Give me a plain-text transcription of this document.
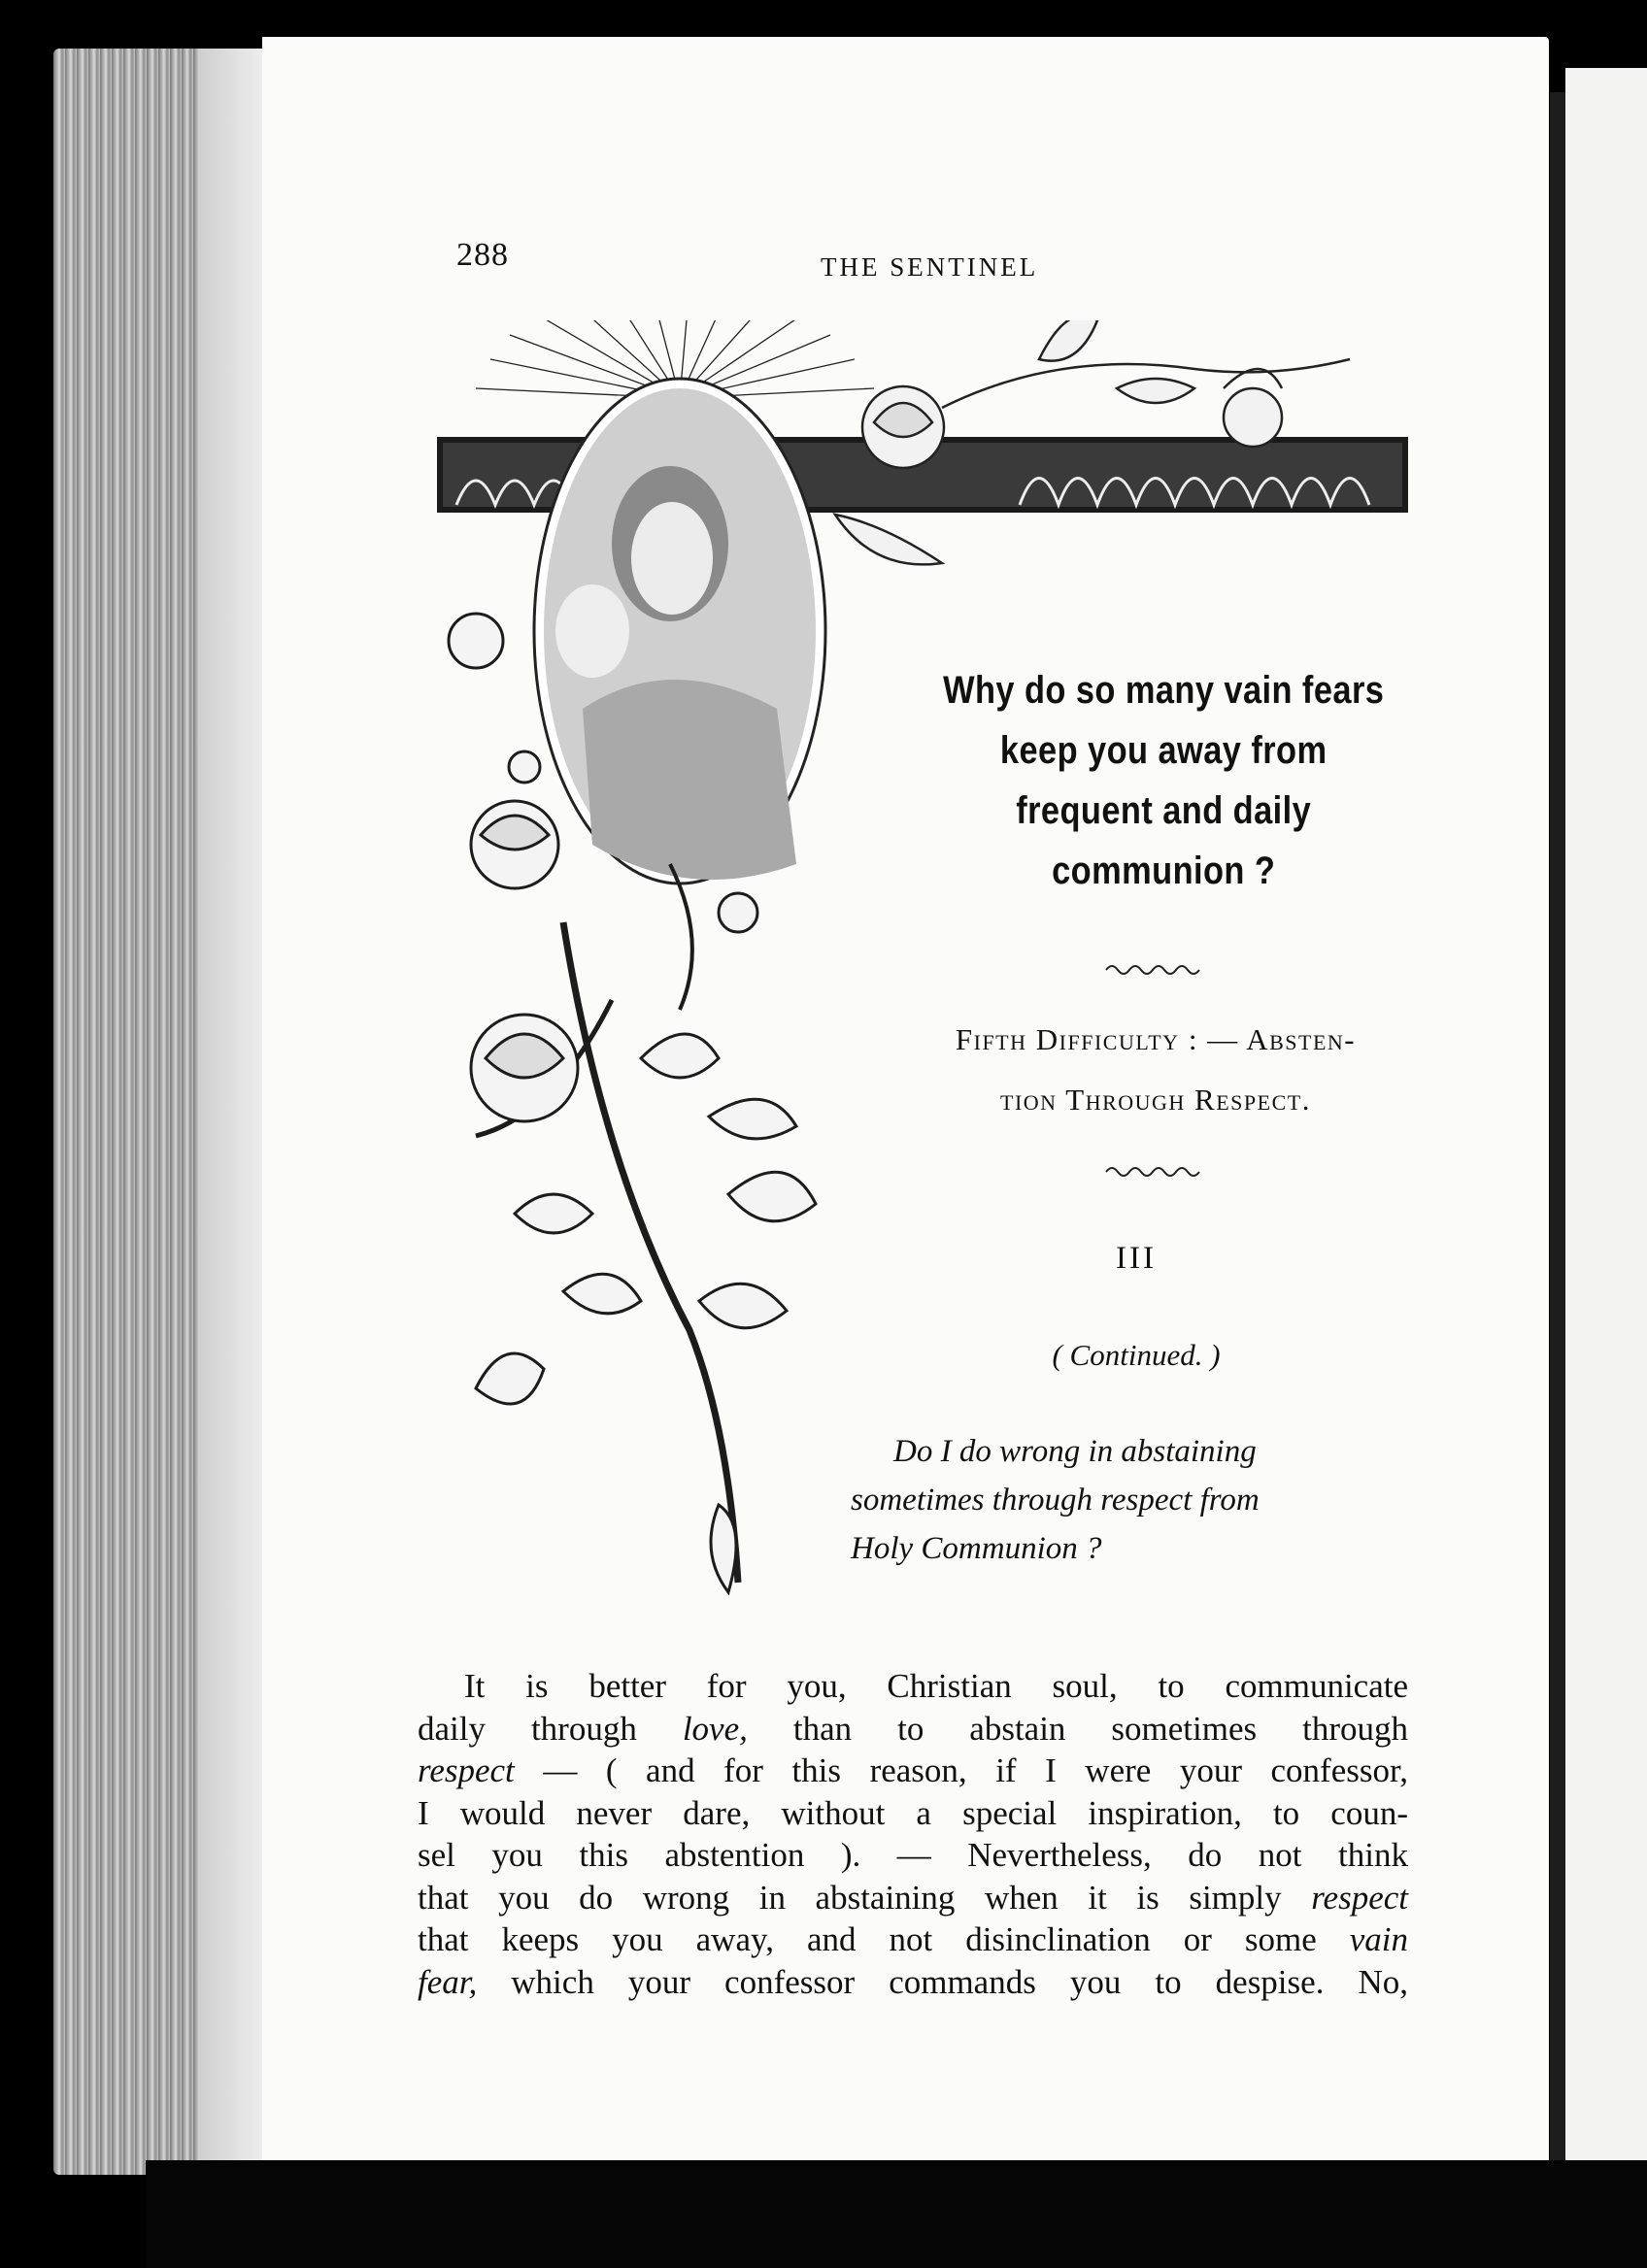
288	THE SENTINEL
Why do so many vain fears
keep you away from
frequent and daily
communion ?
Fifth Difficulty : — Absten-
tion Through Respect.
III
( Continued. )
Do I do wrong in abstaining
sometimes through respect from
Holy Communion ?
It is better for you, Christian soul, to communicate
daily through love, than to abstain sometimes through
respect — ( and for this reason, if I were your confessor,
I would never dare, without a special inspiration, to coun-
sel you this abstention ). — Nevertheless, do not think
that you do wrong in abstaining when it is simply respect
that keeps you away, and not disinclination or some vain
fear, which your confessor commands you to despise. No,
